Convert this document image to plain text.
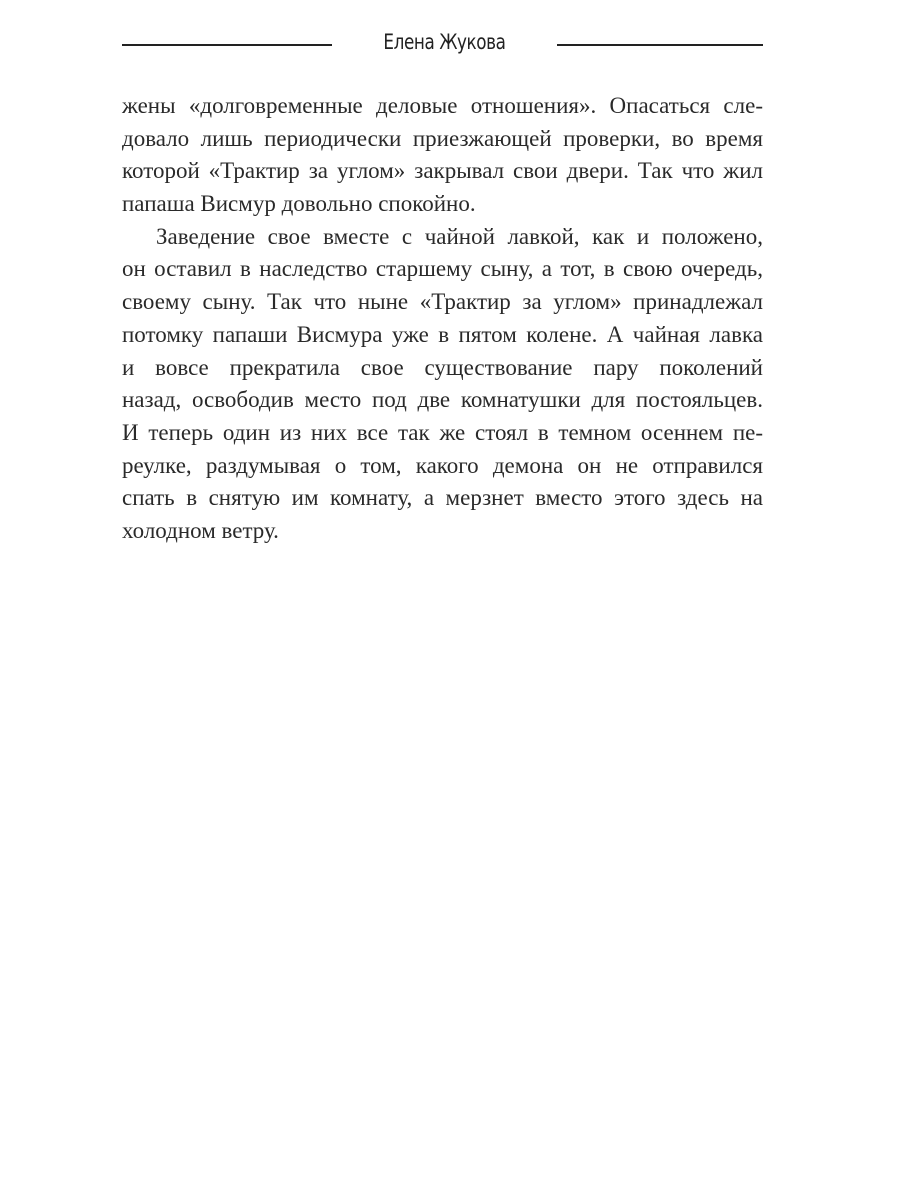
Елена Жукова
жены «долговременные деловые отношения». Опасаться сле-
довало лишь периодически приезжающей проверки, во время
которой «Трактир за углом» закрывал свои двери. Так что жил
папаша Висмур довольно спокойно.
Заведение свое вместе с чайной лавкой, как и положено,
он оставил в наследство старшему сыну, а тот, в свою очередь,
своему сыну. Так что ныне «Трактир за углом» принадлежал
потомку папаши Висмура уже в пятом колене. А чайная лавка
и вовсе прекратила свое существование пару поколений
назад, освободив место под две комнатушки для постояльцев.
И теперь один из них все так же стоял в темном осеннем пе-
реулке, раздумывая о том, какого демона он не отправился
спать в снятую им комнату, а мерзнет вместо этого здесь на
холодном ветру.
